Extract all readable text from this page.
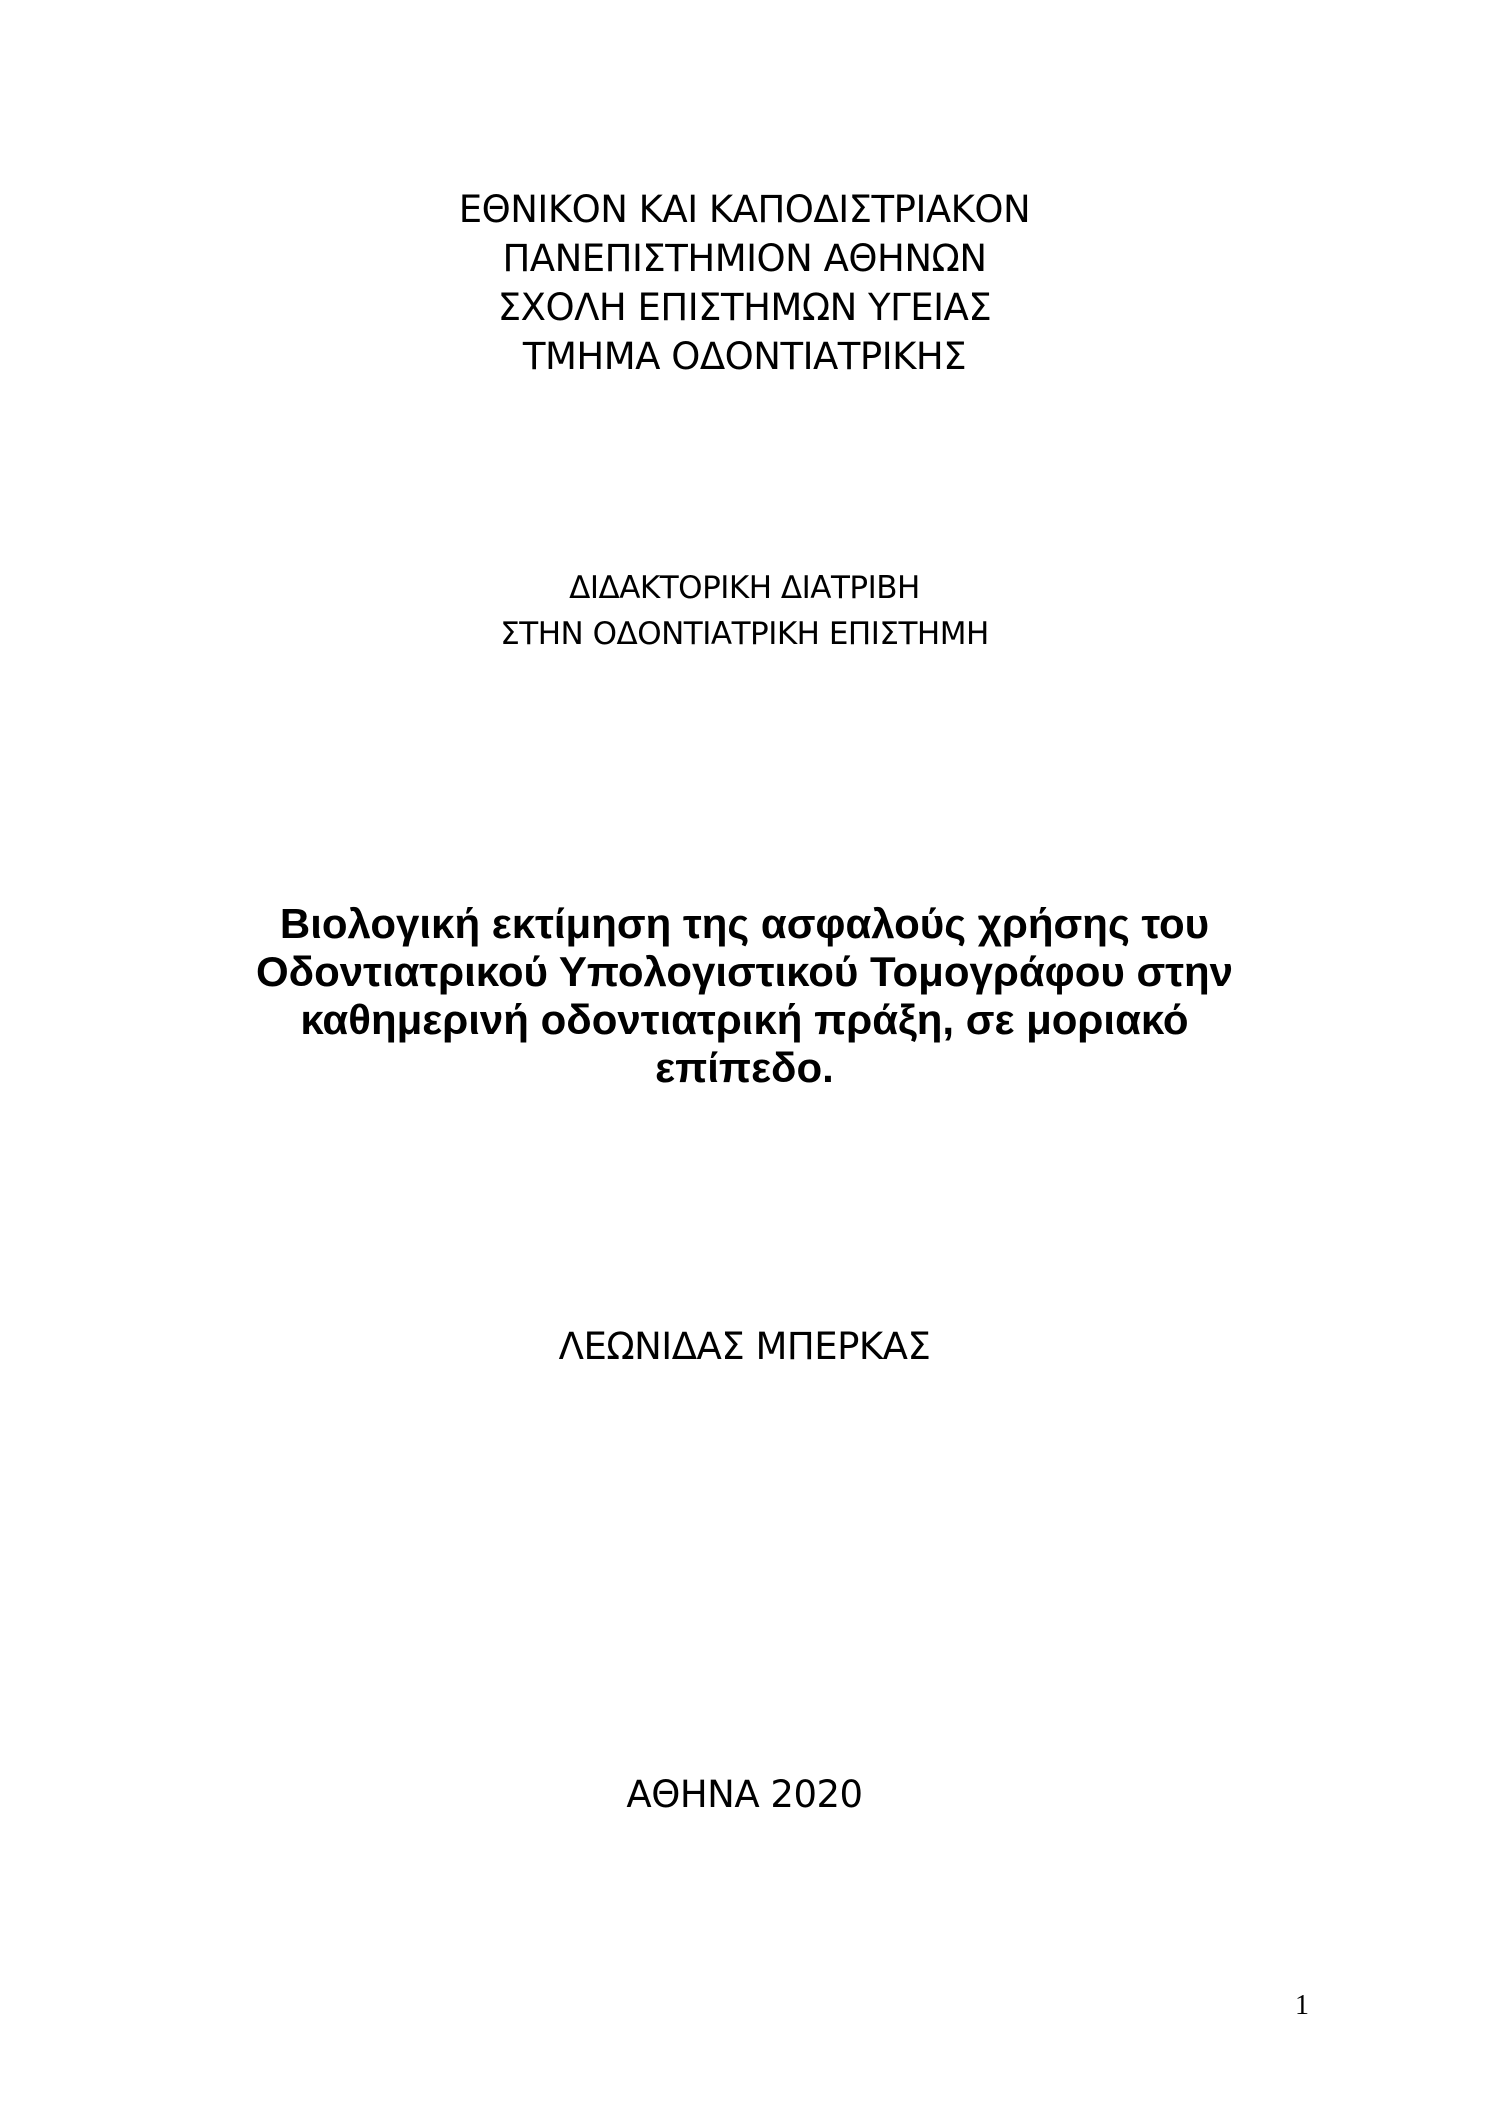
ΕΘΝΙΚΟΝ ΚΑΙ ΚΑΠΟΔΙΣΤΡΙΑΚΟΝ
ΠΑΝΕΠΙΣΤΗΜΙΟΝ ΑΘΗΝΩΝ
ΣΧΟΛΗ ΕΠΙΣΤΗΜΩΝ ΥΓΕΙΑΣ
ΤΜΗΜΑ ΟΔΟΝΤΙΑΤΡΙΚΗΣ
ΔΙΔΑΚΤΟΡΙΚΗ ΔΙΑΤΡΙΒΗ
ΣΤΗΝ ΟΔΟΝΤΙΑΤΡΙΚΗ ΕΠΙΣΤΗΜΗ
Βιολογική εκτίμηση της ασφαλούς χρήσης του
Οδοντιατρικού Υπολογιστικού Τομογράφου στην
καθημερινή οδοντιατρική πράξη, σε μοριακό
επίπεδο.
ΛΕΩΝΙΔΑΣ ΜΠΕΡΚΑΣ
ΑΘΗΝΑ 2020
1
